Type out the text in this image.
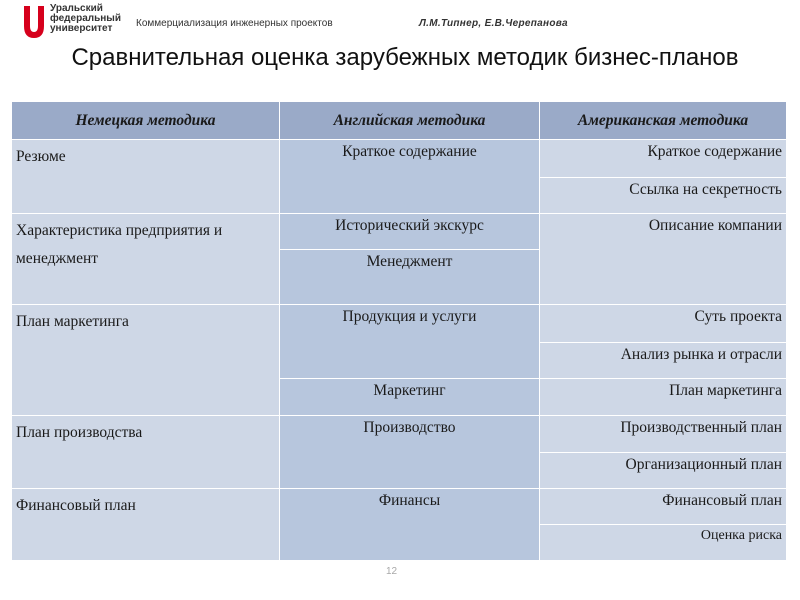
Уральский
федеральный
университет	Коммерциализация инженерных проектов	Л.М.Типнер, Е.В.Черепанова
Сравнительная оценка зарубежных методик бизнес-планов
Немецкая методика	Английская методика	Американская методика
Резюме	Краткое содержание	Краткое содержание
		Ссылка на секретность
Характеристика предприятия и менеджмент	Исторический экскурс	Описание компании
	Менеджмент	
План маркетинга	Продукция и услуги	Суть проекта
		Анализ рынка и отрасли
	Маркетинг	План маркетинга
План производства	Производство	Производственный план
		Организационный план
Финансовый план	Финансы	Финансовый план
		Оценка риска
12
